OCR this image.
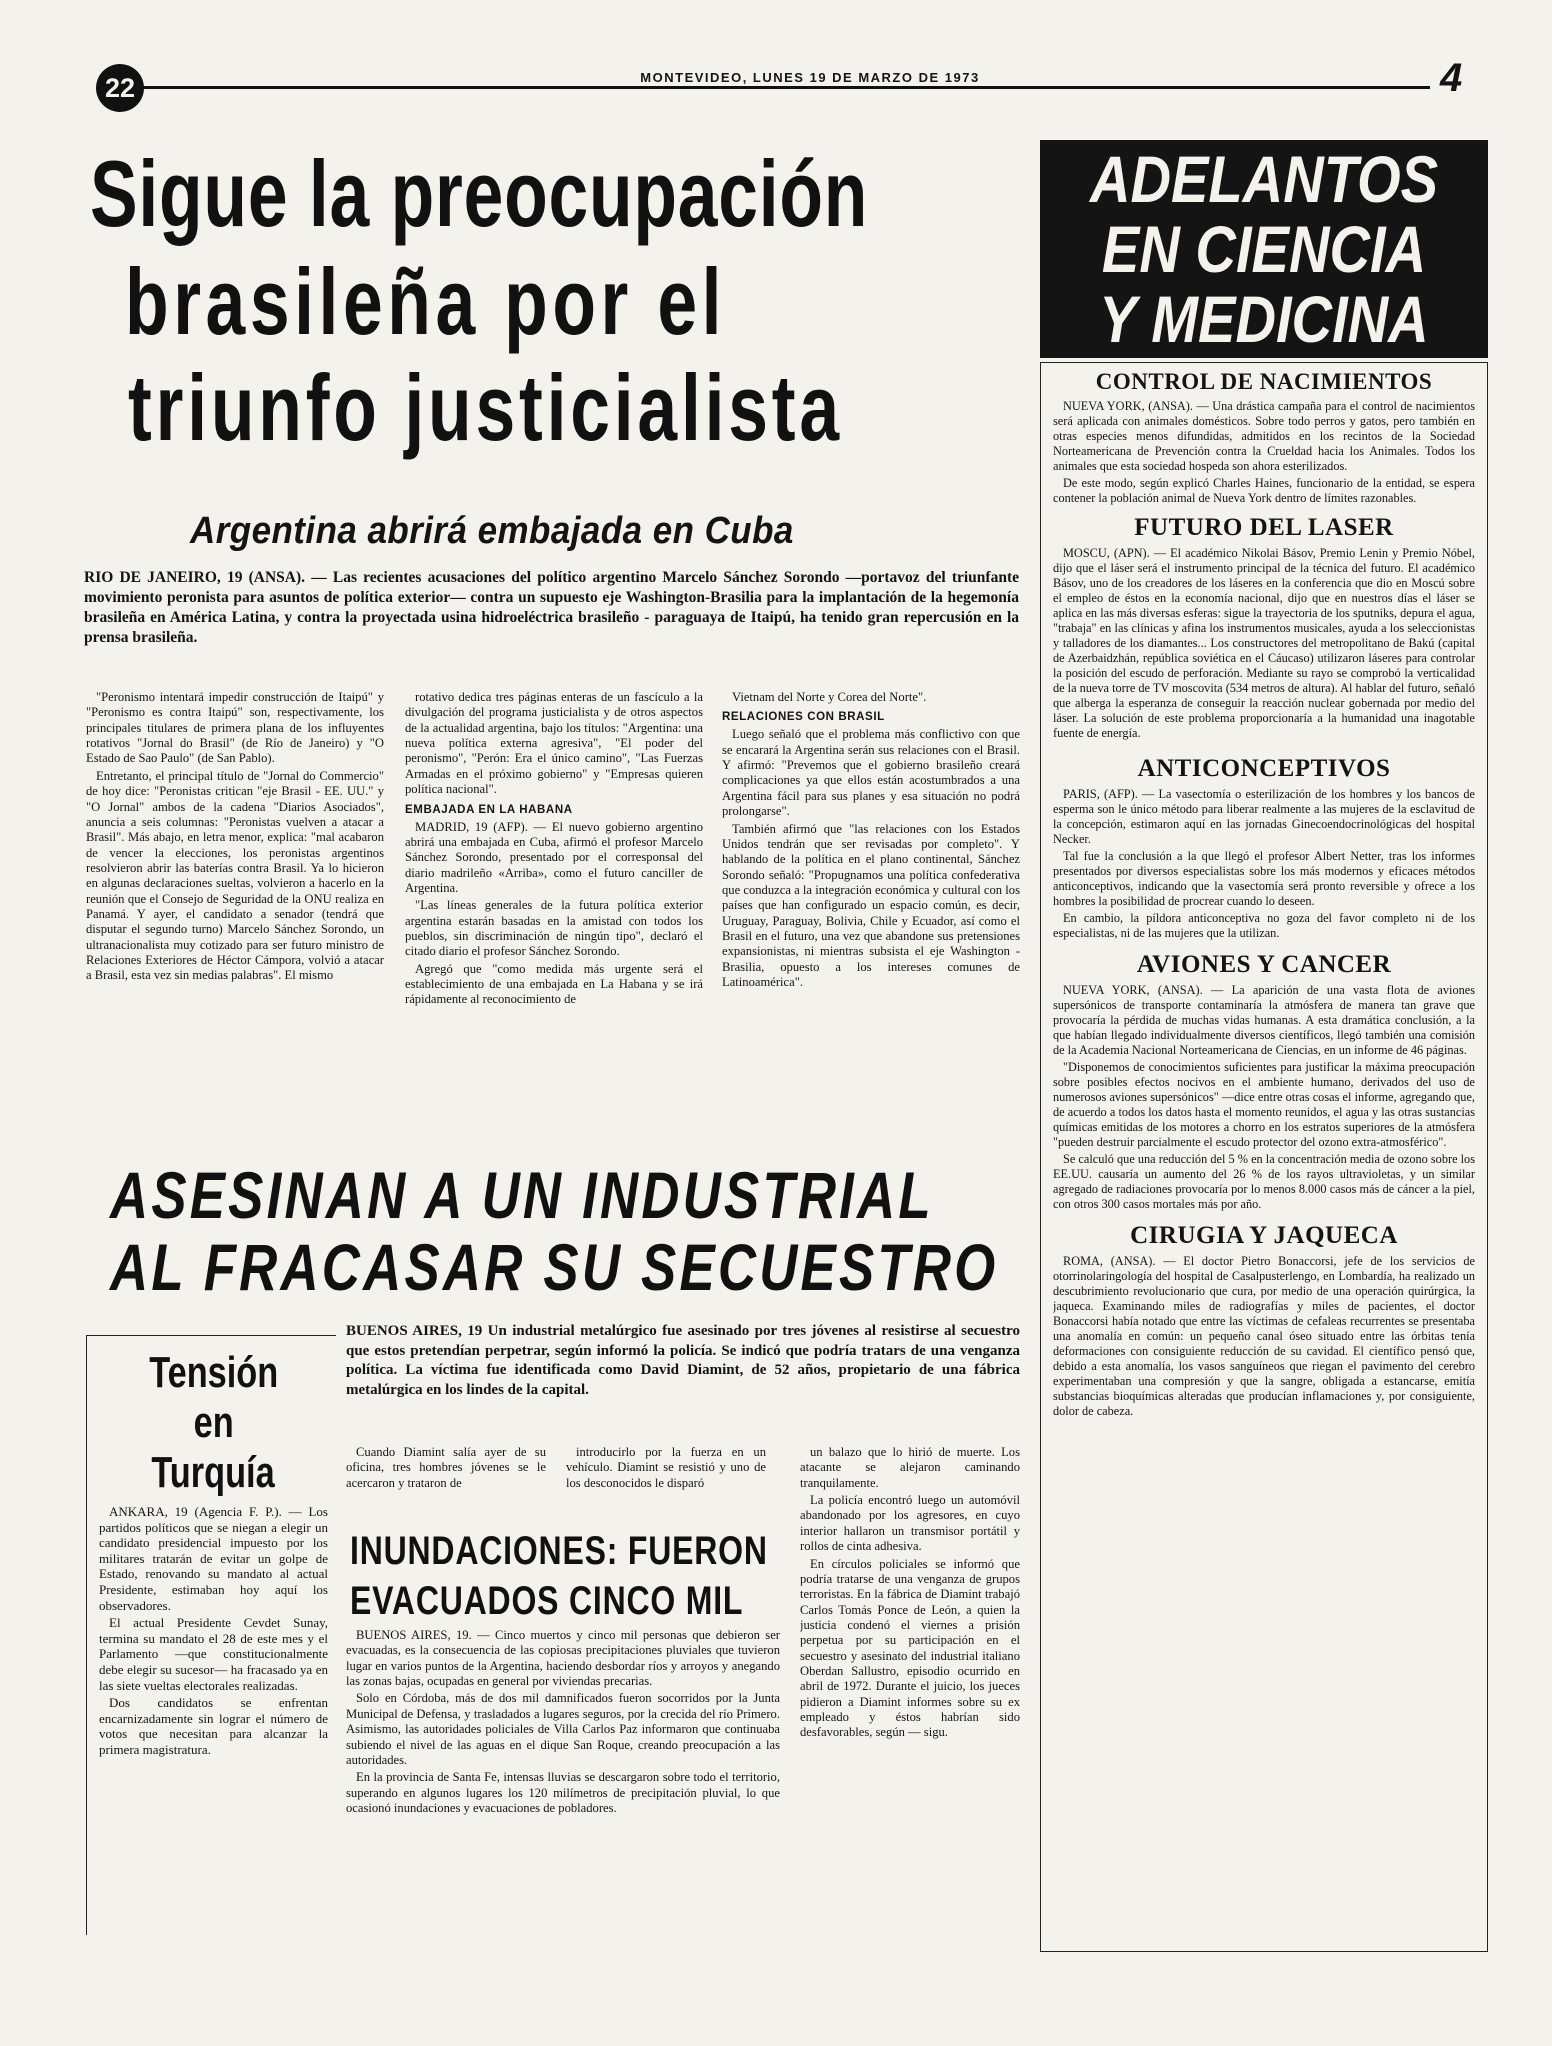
22	MONTEVIDEO, LUNES 19 DE MARZO DE 1973	4
Sigue la preocupación
brasileña por el
triunfo justicialista
Argentina abrirá embajada en Cuba
RIO DE JANEIRO, 19 (ANSA). — Las recientes acusaciones del político argentino Marcelo Sánchez Sorondo —portavoz del triunfante movimiento peronista para asuntos de política exterior— contra un supuesto eje Washington-Brasilia para la implantación de la hegemonía brasileña en América Latina, y contra la proyectada usina hidroeléctrica brasileño - paraguaya de Itaipú, ha tenido gran repercusión en la prensa brasileña.

"Peronismo intentará impedir construcción de Itaipú" y "Peronismo es contra Itaipú" son, respectivamente, los principales titulares de primera plana de los influyentes rotativos "Jornal do Brasil" (de Río de Janeiro) y "O Estado de Sao Paulo" (de San Pablo).

Entretanto, el principal título de "Jornal do Commercio" de hoy dice: "Peronistas critican "eje Brasil - EE. UU." y "O Jornal" ambos de la cadena "Diarios Asociados", anuncia a seis columnas: "Peronistas vuelven a atacar a Brasil". Más abajo, en letra menor, explica: "mal acabaron de vencer la elecciones, los peronistas argentinos resolvieron abrir las baterías contra Brasil. Ya lo hicieron en algunas declaraciones sueltas, volvieron a hacerlo en la reunión que el Consejo de Seguridad de la ONU realiza en Panamá. Y ayer, el candidato a senador (tendrá que disputar el segundo turno) Marcelo Sánchez Sorondo, un ultranacionalista muy cotizado para ser futuro ministro de Relaciones Exteriores de Héctor Cámpora, volvió a atacar a Brasil, esta vez sin medias palabras". El mismo

rotativo dedica tres páginas enteras de un fascículo a la divulgación del programa justicialista y de otros aspectos de la actualidad argentina, bajo los títulos: "Argentina: una nueva política externa agresiva", "El poder del peronismo", "Perón: Era el único camino", "Las Fuerzas Armadas en el próximo gobierno" y "Empresas quieren política nacional".

EMBAJADA EN LA HABANA

MADRID, 19 (AFP). — El nuevo gobierno argentino abrirá una embajada en Cuba, afirmó el profesor Marcelo Sánchez Sorondo, presentado por el corresponsal del diario madrileño «Arriba», como el futuro canciller de Argentina.

"Las líneas generales de la futura política exterior argentina estarán basadas en la amistad con todos los pueblos, sin discriminación de ningún tipo", declaró el citado diario el profesor Sánchez Sorondo.

Agregó que "como medida más urgente será el establecimiento de una embajada en La Habana y se irá rápidamente al reconocimiento de

Vietnam del Norte y Corea del Norte".

RELACIONES CON BRASIL

Luego señaló que el problema más conflictivo con que se encarará la Argentina serán sus relaciones con el Brasil. Y afirmó: "Prevemos que el gobierno brasileño creará complicaciones ya que ellos están acostumbrados a una Argentina fácil para sus planes y esa situación no podrá prolongarse".

También afirmó que "las relaciones con los Estados Unidos tendrán que ser revisadas por completo". Y hablando de la política en el plano continental, Sánchez Sorondo señaló: "Propugnamos una política confederativa que conduzca a la integración económica y cultural con los países que han configurado un espacio común, es decir, Uruguay, Paraguay, Bolivia, Chile y Ecuador, así como el Brasil en el futuro, una vez que abandone sus pretensiones expansionistas, ni mientras subsista el eje Washington - Brasilia, opuesto a los intereses comunes de Latinoamérica".

ADELANTOS
EN CIENCIA
Y MEDICINA
CONTROL DE NACIMIENTOS

NUEVA YORK, (ANSA). — Una drástica campaña para el control de nacimientos será aplicada con animales domésticos. Sobre todo perros y gatos, pero también en otras especies menos difundidas, admitidos en los recintos de la Sociedad Norteamericana de Prevención contra la Crueldad hacia los Animales. Todos los animales que esta sociedad hospeda son ahora esterilizados.

De este modo, según explicó Charles Haines, funcionario de la entidad, se espera contener la población animal de Nueva York dentro de límites razonables.

FUTURO DEL LASER

MOSCU, (APN). — El académico Nikolai Básov, Premio Lenin y Premio Nóbel, dijo que el láser será el instrumento principal de la técnica del futuro. El académico Básov, uno de los creadores de los láseres en la conferencia que dio en Moscú sobre el empleo de éstos en la economía nacional, dijo que en nuestros días el láser se aplica en las más diversas esferas: sigue la trayectoria de los sputniks, depura el agua, "trabaja" en las clínicas y afina los instrumentos musicales, ayuda a los seleccionistas y talladores de los diamantes... Los constructores del metropolitano de Bakú (capital de Azerbaidzhán, república soviética en el Cáucaso) utilizaron láseres para controlar la posición del escudo de perforación. Mediante su rayo se comprobó la verticalidad de la nueva torre de TV moscovita (534 metros de altura). Al hablar del futuro, señaló que alberga la esperanza de conseguir la reacción nuclear gobernada por medio del láser. La solución de este problema proporcionaría a la humanidad una inagotable fuente de energía.

ANTICONCEPTIVOS

PARIS, (AFP). — La vasectomía o esterilización de los hombres y los bancos de esperma son le único método para liberar realmente a las mujeres de la esclavitud de la concepción, estimaron aquí en las jornadas Ginecoendocrinológicas del hospital Necker.

Tal fue la conclusión a la que llegó el profesor Albert Netter, tras los informes presentados por diversos especialistas sobre los más modernos y eficaces métodos anticonceptivos, indicando que la vasectomía será pronto reversible y ofrece a los hombres la posibilidad de procrear cuando lo deseen.

En cambio, la píldora anticonceptiva no goza del favor completo ni de los especialistas, ni de las mujeres que la utilizan.

AVIONES Y CANCER

NUEVA YORK, (ANSA). — La aparición de una vasta flota de aviones supersónicos de transporte contaminaría la atmósfera de manera tan grave que provocaría la pérdida de muchas vidas humanas. A esta dramática conclusión, a la que habían llegado individualmente diversos científicos, llegó también una comisión de la Academia Nacional Norteamericana de Ciencias, en un informe de 46 páginas.

"Disponemos de conocimientos suficientes para justificar la máxima preocupación sobre posibles efectos nocivos en el ambiente humano, derivados del uso de numerosos aviones supersónicos" —dice entre otras cosas el informe, agregando que, de acuerdo a todos los datos hasta el momento reunidos, el agua y las otras sustancias químicas emitidas de los motores a chorro en los estratos superiores de la atmósfera "pueden destruir parcialmente el escudo protector del ozono extra-atmosférico".

Se calculó que una reducción del 5 % en la concentración media de ozono sobre los EE.UU. causaría un aumento del 26 % de los rayos ultravioletas, y un similar agregado de radiaciones provocaría por lo menos 8.000 casos más de cáncer a la piel, con otros 300 casos mortales más por año.

CIRUGIA Y JAQUECA

ROMA, (ANSA). — El doctor Pietro Bonaccorsi, jefe de los servicios de otorrinolaringología del hospital de Casalpusterlengo, en Lombardía, ha realizado un descubrimiento revolucionario que cura, por medio de una operación quirúrgica, la jaqueca. Examinando miles de radiografías y miles de pacientes, el doctor Bonaccorsi había notado que entre las víctimas de cefaleas recurrentes se presentaba una anomalía en común: un pequeño canal óseo situado entre las órbitas tenía deformaciones con consiguiente reducción de su cavidad. El científico pensó que, debido a esta anomalía, los vasos sanguíneos que riegan el pavimento del cerebro experimentaban una compresión y que la sangre, obligada a estancarse, emitía substancias bioquímicas alteradas que producían inflamaciones y, por consiguiente, dolor de cabeza.

ASESINAN A UN INDUSTRIAL
AL FRACASAR SU SECUESTRO
Tensión
en
Turquía

ANKARA, 19 (Agencia F. P.). — Los partidos políticos que se niegan a elegir un candidato presidencial impuesto por los militares tratarán de evitar un golpe de Estado, renovando su mandato al actual Presidente, estimaban hoy aquí los observadores.

El actual Presidente Cevdet Sunay, termina su mandato el 28 de este mes y el Parlamento —que constitucionalmente debe elegir su sucesor— ha fracasado ya en las siete vueltas electorales realizadas.

Dos candidatos se enfrentan encarnizadamente sin lograr el número de votos que necesitan para alcanzar la primera magistratura.

BUENOS AIRES, 19 Un industrial metalúrgico fue asesinado por tres jóvenes al resistirse al secuestro que estos pretendían perpetrar, según informó la policía. Se indicó que podría tratars de una venganza política. La víctima fue identificada como David Diamint, de 52 años, propietario de una fábrica metalúrgica en los lindes de la capital.

Cuando Diamint salía ayer de su oficina, tres hombres jóvenes se le acercaron y trataron de

introducirlo por la fuerza en un vehículo. Diamint se resistió y uno de los desconocidos le disparó

un balazo que lo hirió de muerte. Los atacante se alejaron caminando tranquilamente.

La policía encontró luego un automóvil abandonado por los agresores, en cuyo interior hallaron un transmisor portátil y rollos de cinta adhesiva.

En círculos policiales se informó que podría tratarse de una venganza de grupos terroristas. En la fábrica de Diamint trabajó Carlos Tomás Ponce de León, a quien la justicia condenó el viernes a prisión perpetua por su participación en el secuestro y asesinato del industrial italiano Oberdan Sallustro, episodio ocurrido en abril de 1972. Durante el juicio, los jueces pidieron a Diamint informes sobre su ex empleado y éstos habrían sido desfavorables, según — sigu.

INUNDACIONES: FUERON
EVACUADOS CINCO MIL

BUENOS AIRES, 19. — Cinco muertos y cinco mil personas que debieron ser evacuadas, es la consecuencia de las copiosas precipitaciones pluviales que tuvieron lugar en varios puntos de la Argentina, haciendo desbordar ríos y arroyos y anegando las zonas bajas, ocupadas en general por viviendas precarias.

Solo en Córdoba, más de dos mil damnificados fueron socorridos por la Junta Municipal de Defensa, y trasladados a lugares seguros, por la crecida del río Primero. Asimismo, las autoridades policiales de Villa Carlos Paz informaron que continuaba subiendo el nivel de las aguas en el dique San Roque, creando preocupación a las autoridades.

En la provincia de Santa Fe, intensas lluvias se descargaron sobre todo el territorio, superando en algunos lugares los 120 milímetros de precipitación pluvial, lo que ocasionó inundaciones y evacuaciones de pobladores.
